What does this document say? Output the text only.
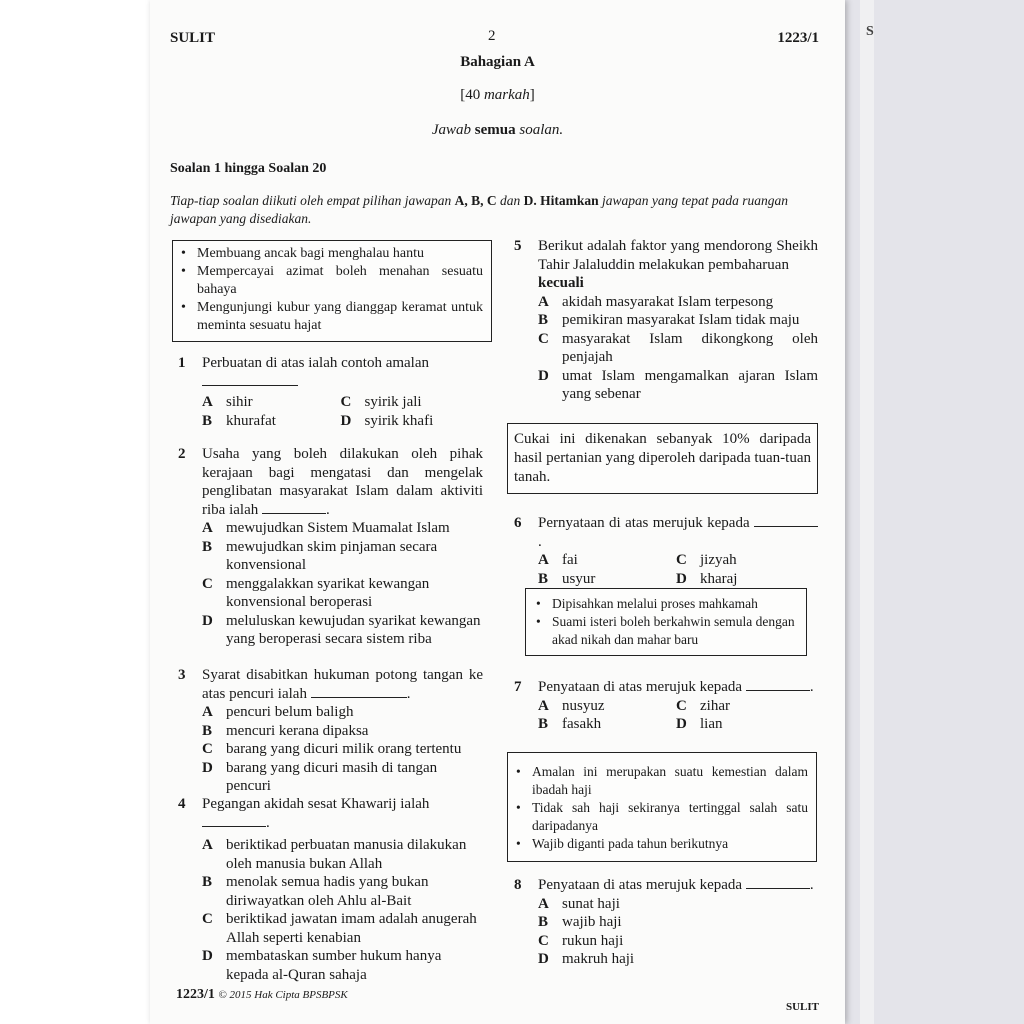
S
SULIT	2	1223/1
Bahagian A
[40 markah]
Jawab semua soalan.
Soalan 1 hingga Soalan 20
Tiap-tiap soalan diikuti oleh empat pilihan jawapan A, B, C dan D. Hitamkan jawapan yang tepat pada ruangan jawapan yang disediakan.
• Membuang ancak bagi menghalau hantu
• Mempercayai azimat boleh menahan sesuatu bahaya
• Mengunjungi kubur yang dianggap keramat untuk meminta sesuatu hajat
1 Perbuatan di atas ialah contoh amalan

A sihir	C syirik jali
B khurafat	D syirik khafi
2 Usaha yang boleh dilakukan oleh pihak kerajaan bagi mengatasi dan mengelak penglibatan masyarakat Islam dalam aktiviti riba ialah	.
A mewujudkan Sistem Muamalat Islam
B mewujudkan skim pinjaman secara konvensional
C menggalakkan syarikat kewangan konvensional beroperasi
D meluluskan kewujudan syarikat kewangan yang beroperasi secara sistem riba
3 Syarat disabitkan hukuman potong tangan ke atas pencuri ialah	.
A pencuri belum baligh
B mencuri kerana dipaksa
C barang yang dicuri milik orang tertentu
D barang yang dicuri masih di tangan pencuri
4 Pegangan akidah sesat Khawarij ialah
.
A beriktikad perbuatan manusia dilakukan oleh manusia bukan Allah
B menolak semua hadis yang bukan diriwayatkan oleh Ahlu al-Bait
C beriktikad jawatan imam adalah anugerah Allah seperti kenabian
D membataskan sumber hukum hanya kepada al-Quran sahaja
5 Berikut adalah faktor yang mendorong Sheikh Tahir Jalaluddin melakukan pembaharuan
kecuali
A akidah masyarakat Islam terpesong
B pemikiran masyarakat Islam tidak maju
C masyarakat Islam dikongkong oleh penjajah
D umat Islam mengamalkan ajaran Islam yang sebenar
Cukai ini dikenakan sebanyak 10% daripada hasil pertanian yang diperoleh daripada tuan-tuan tanah.
6 Pernyataan di atas merujuk kepada .
A fai	C jizyah
B usyur	D kharaj
• Dipisahkan melalui proses mahkamah
• Suami isteri boleh berkahwin semula dengan akad nikah dan mahar baru
7 Penyataan di atas merujuk kepada	.
A nusyuz	C zihar
B fasakh	D lian
• Amalan ini merupakan suatu kemestian dalam ibadah haji
• Tidak sah haji sekiranya tertinggal salah satu daripadanya
• Wajib diganti pada tahun berikutnya
8 Penyataan di atas merujuk kepada	.
A sunat haji
B wajib haji
C rukun haji
D makruh haji
1223/1 © 2015 Hak Cipta BPSBPSK
SULIT
